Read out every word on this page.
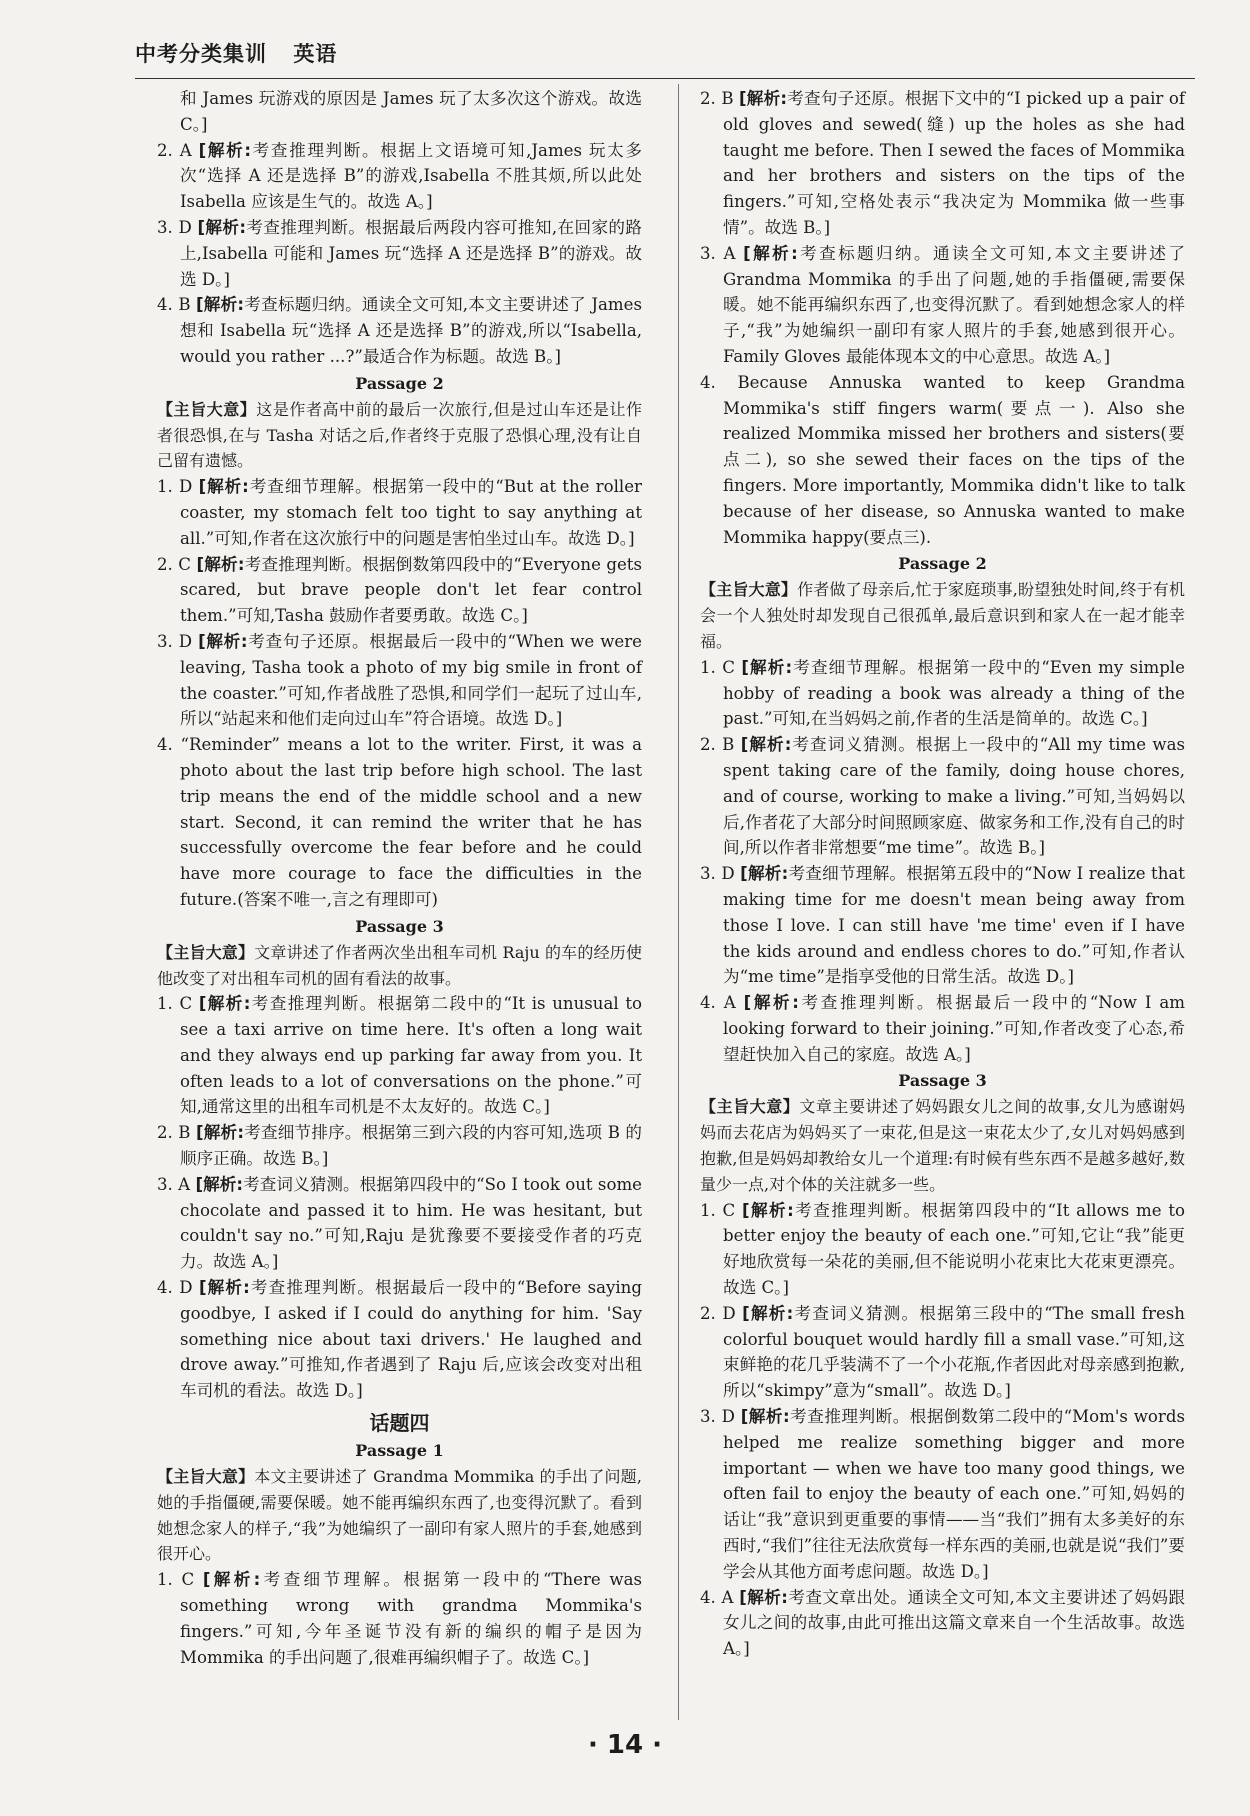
中考分类集训 英语

和 James 玩游戏的原因是 James 玩了太多次这个游戏。故选 C。]

2. A [解析:考查推理判断。根据上文语境可知,James 玩太多次“选择 A 还是选择 B”的游戏,Isabella 不胜其烦,所以此处 Isabella 应该是生气的。故选 A。]

3. D [解析:考查推理判断。根据最后两段内容可推知,在回家的路上,Isabella 可能和 James 玩“选择 A 还是选择 B”的游戏。故选 D。]

4. B [解析:考查标题归纳。通读全文可知,本文主要讲述了 James 想和 Isabella 玩“选择 A 还是选择 B”的游戏,所以“Isabella, would you rather ...?”最适合作为标题。故选 B。]

Passage 2

【主旨大意】这是作者高中前的最后一次旅行,但是过山车还是让作者很恐惧,在与 Tasha 对话之后,作者终于克服了恐惧心理,没有让自己留有遗憾。

1. D [解析:考查细节理解。根据第一段中的“But at the roller coaster, my stomach felt too tight to say anything at all.”可知,作者在这次旅行中的问题是害怕坐过山车。故选 D。]

2. C [解析:考查推理判断。根据倒数第四段中的“Everyone gets scared, but brave people don't let fear control them.”可知,Tasha 鼓励作者要勇敢。故选 C。]

3. D [解析:考查句子还原。根据最后一段中的“When we were leaving, Tasha took a photo of my big smile in front of the coaster.”可知,作者战胜了恐惧,和同学们一起玩了过山车,所以“站起来和他们走向过山车”符合语境。故选 D。]

4. “Reminder” means a lot to the writer. First, it was a photo about the last trip before high school. The last trip means the end of the middle school and a new start. Second, it can remind the writer that he has successfully overcome the fear before and he could have more courage to face the difficulties in the future.(答案不唯一,言之有理即可)

Passage 3

【主旨大意】文章讲述了作者两次坐出租车司机 Raju 的车的经历使他改变了对出租车司机的固有看法的故事。

1. C [解析:考查推理判断。根据第二段中的“It is unusual to see a taxi arrive on time here. It's often a long wait and they always end up parking far away from you. It often leads to a lot of conversations on the phone.”可知,通常这里的出租车司机是不太友好的。故选 C。]

2. B [解析:考查细节排序。根据第三到六段的内容可知,选项 B 的顺序正确。故选 B。]

3. A [解析:考查词义猜测。根据第四段中的“So I took out some chocolate and passed it to him. He was hesitant, but couldn't say no.”可知,Raju 是犹豫要不要接受作者的巧克力。故选 A。]

4. D [解析:考查推理判断。根据最后一段中的“Before saying goodbye, I asked if I could do anything for him. 'Say something nice about taxi drivers.' He laughed and drove away.”可推知,作者遇到了 Raju 后,应该会改变对出租车司机的看法。故选 D。]

话题四
Passage 1

【主旨大意】本文主要讲述了 Grandma Mommika 的手出了问题,她的手指僵硬,需要保暖。她不能再编织东西了,也变得沉默了。看到她想念家人的样子,“我”为她编织了一副印有家人照片的手套,她感到很开心。

1. C [解析:考查细节理解。根据第一段中的“There was something wrong with grandma Mommika's fingers.”可知,今年圣诞节没有新的编织的帽子是因为 Mommika 的手出问题了,很难再编织帽子了。故选 C。]

2. B [解析:考查句子还原。根据下文中的“I picked up a pair of old gloves and sewed(缝) up the holes as she had taught me before. Then I sewed the faces of Mommika and her brothers and sisters on the tips of the fingers.”可知,空格处表示“我决定为 Mommika 做一些事情”。故选 B。]

3. A [解析:考查标题归纳。通读全文可知,本文主要讲述了 Grandma Mommika 的手出了问题,她的手指僵硬,需要保暖。她不能再编织东西了,也变得沉默了。看到她想念家人的样子,“我”为她编织一副印有家人照片的手套,她感到很开心。Family Gloves 最能体现本文的中心意思。故选 A。]

4. Because Annuska wanted to keep Grandma Mommika's stiff fingers warm(要点一). Also she realized Mommika missed her brothers and sisters(要点二), so she sewed their faces on the tips of the fingers. More importantly, Mommika didn't like to talk because of her disease, so Annuska wanted to make Mommika happy(要点三).

Passage 2

【主旨大意】作者做了母亲后,忙于家庭琐事,盼望独处时间,终于有机会一个人独处时却发现自己很孤单,最后意识到和家人在一起才能幸福。

1. C [解析:考查细节理解。根据第一段中的“Even my simple hobby of reading a book was already a thing of the past.”可知,在当妈妈之前,作者的生活是简单的。故选 C。]

2. B [解析:考查词义猜测。根据上一段中的“All my time was spent taking care of the family, doing house chores, and of course, working to make a living.”可知,当妈妈以后,作者花了大部分时间照顾家庭、做家务和工作,没有自己的时间,所以作者非常想要“me time”。故选 B。]

3. D [解析:考查细节理解。根据第五段中的“Now I realize that making time for me doesn't mean being away from those I love. I can still have 'me time' even if I have the kids around and endless chores to do.”可知,作者认为“me time”是指享受他的日常生活。故选 D。]

4. A [解析:考查推理判断。根据最后一段中的“Now I am looking forward to their joining.”可知,作者改变了心态,希望赶快加入自己的家庭。故选 A。]

Passage 3

【主旨大意】文章主要讲述了妈妈跟女儿之间的故事,女儿为感谢妈妈而去花店为妈妈买了一束花,但是这一束花太少了,女儿对妈妈感到抱歉,但是妈妈却教给女儿一个道理:有时候有些东西不是越多越好,数量少一点,对个体的关注就多一些。

1. C [解析:考查推理判断。根据第四段中的“It allows me to better enjoy the beauty of each one.”可知,它让“我”能更好地欣赏每一朵花的美丽,但不能说明小花束比大花束更漂亮。故选 C。]

2. D [解析:考查词义猜测。根据第三段中的“The small fresh colorful bouquet would hardly fill a small vase.”可知,这束鲜艳的花几乎装满不了一个小花瓶,作者因此对母亲感到抱歉,所以“skimpy”意为“small”。故选 D。]

3. D [解析:考查推理判断。根据倒数第二段中的“Mom's words helped me realize something bigger and more important — when we have too many good things, we often fail to enjoy the beauty of each one.”可知,妈妈的话让“我”意识到更重要的事情——当“我们”拥有太多美好的东西时,“我们”往往无法欣赏每一样东西的美丽,也就是说“我们”要学会从其他方面考虑问题。故选 D。]

4. A [解析:考查文章出处。通读全文可知,本文主要讲述了妈妈跟女儿之间的故事,由此可推出这篇文章来自一个生活故事。故选 A。]

· 14 ·
